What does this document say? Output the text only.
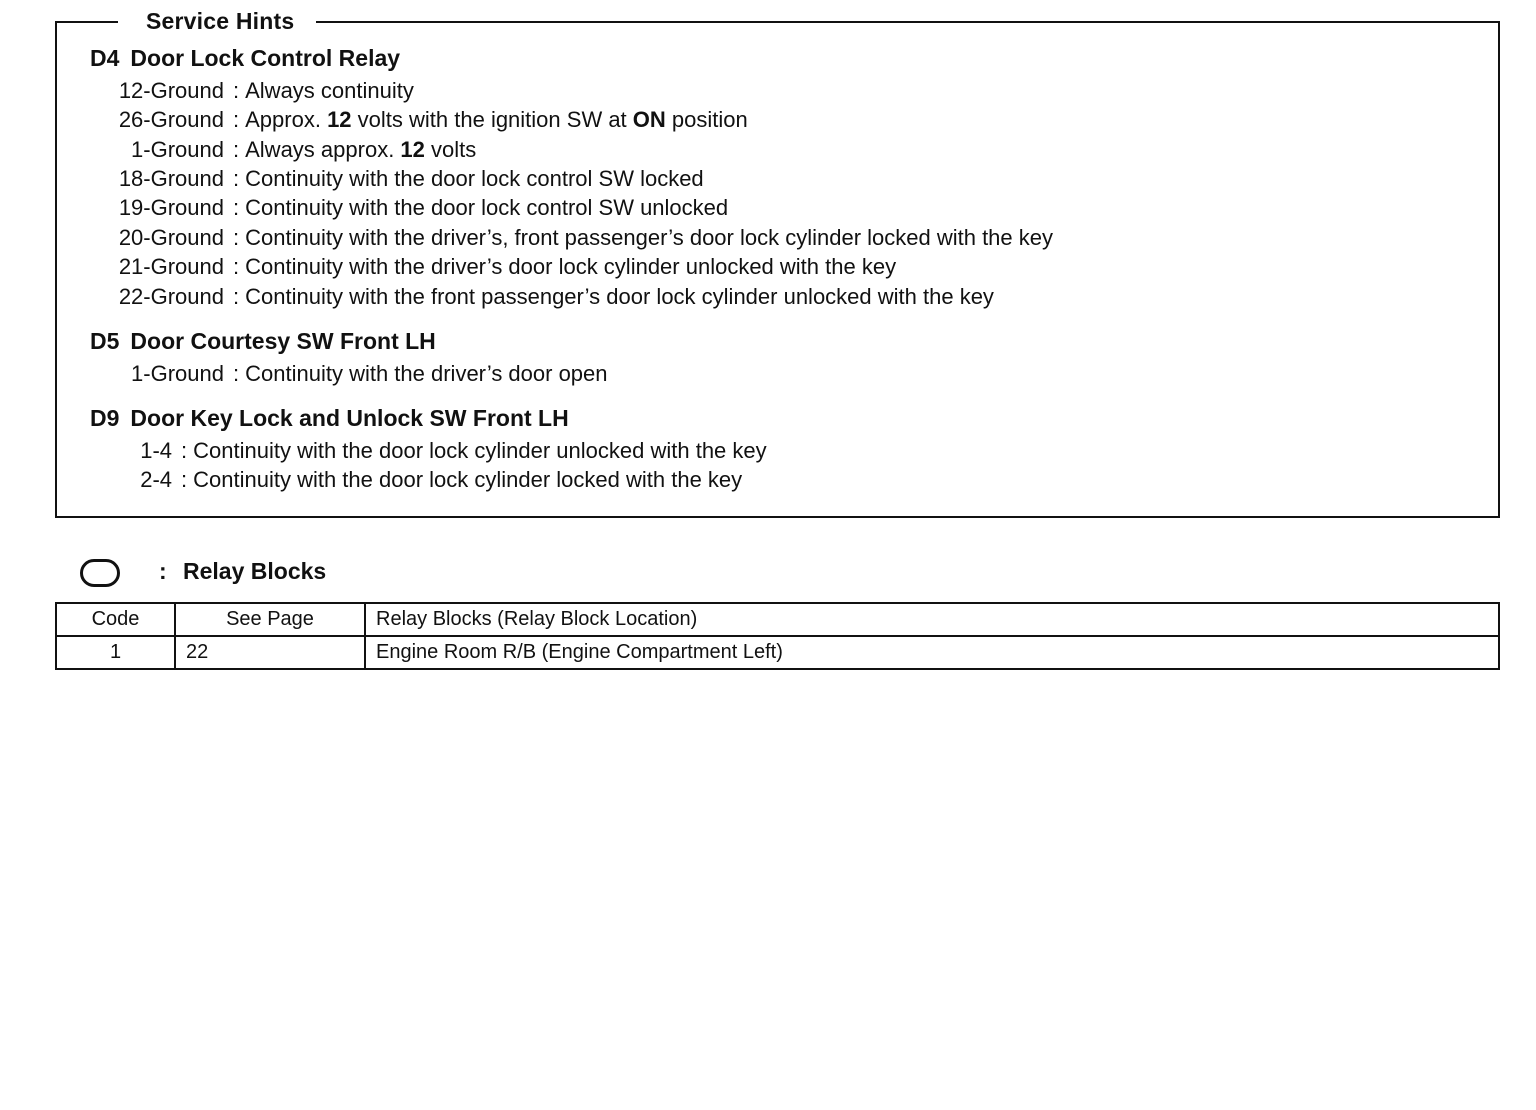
Service Hints
D4 Door Lock Control Relay
12-Ground : Always continuity
26-Ground : Approx. 12 volts with the ignition SW at ON position
1-Ground : Always approx. 12 volts
18-Ground : Continuity with the door lock control SW locked
19-Ground : Continuity with the door lock control SW unlocked
20-Ground : Continuity with the driver’s, front passenger’s door lock cylinder locked with the key
21-Ground : Continuity with the driver’s door lock cylinder unlocked with the key
22-Ground : Continuity with the front passenger’s door lock cylinder unlocked with the key
D5 Door Courtesy SW Front LH
1-Ground : Continuity with the driver’s door open
D9 Door Key Lock and Unlock SW Front LH
1-4 : Continuity with the door lock cylinder unlocked with the key
2-4 : Continuity with the door lock cylinder locked with the key
: Relay Blocks
Code	See Page	Relay Blocks (Relay Block Location)
1	22	Engine Room R/B (Engine Compartment Left)
